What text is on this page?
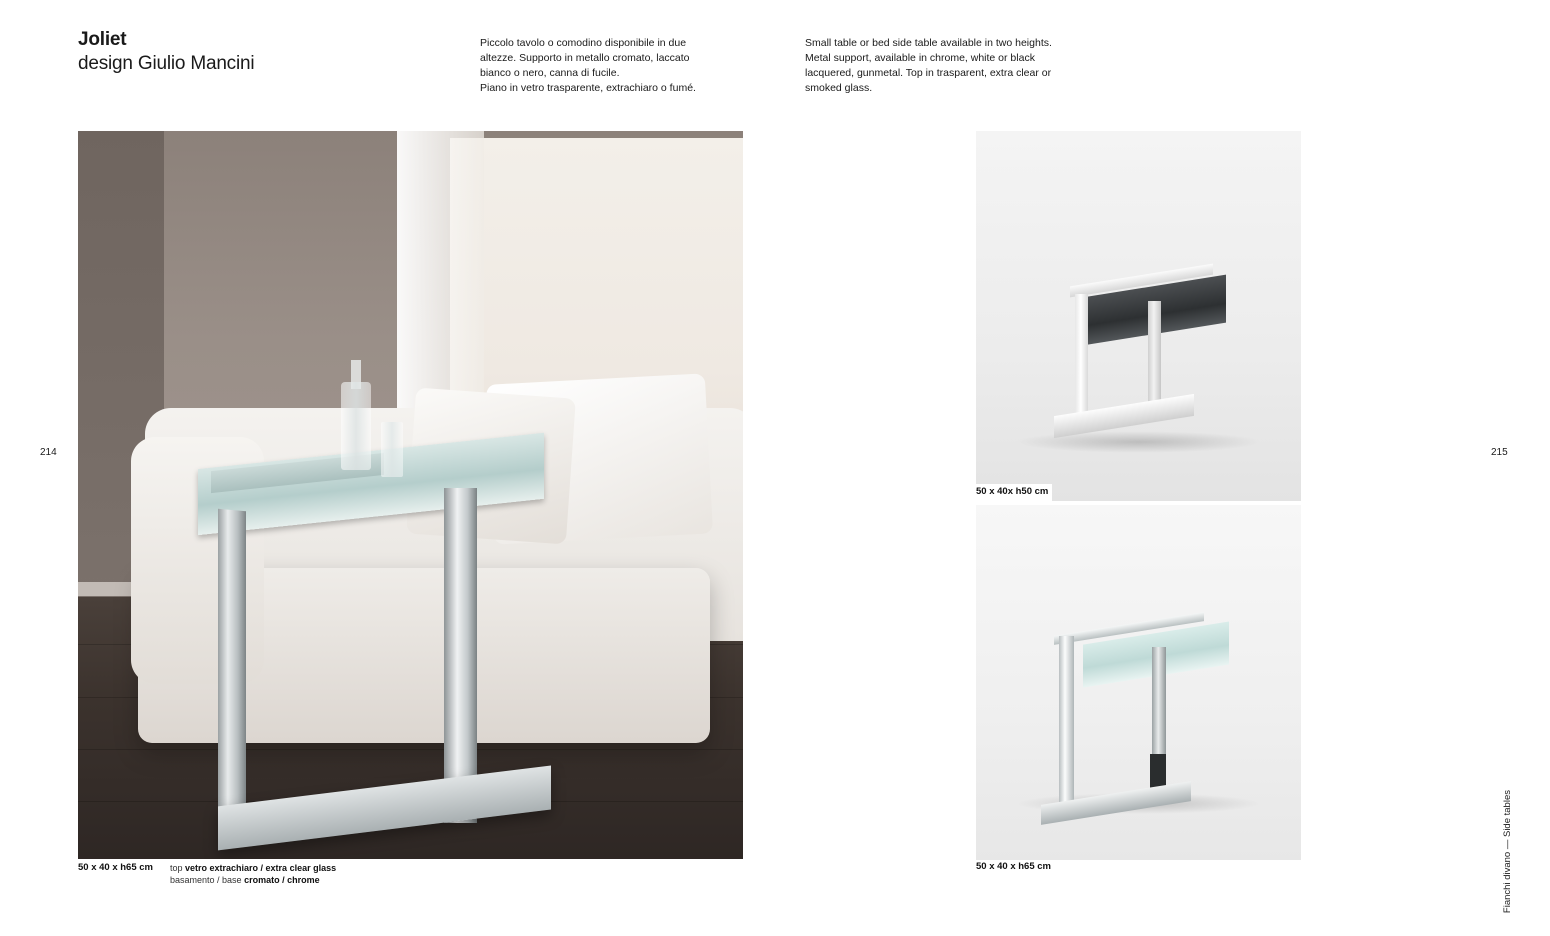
Joliet
design Giulio Mancini

Piccolo tavolo o comodino disponibile in due

altezze. Supporto in metallo cromato, laccato

bianco o nero, canna di fucile.

Piano in vetro trasparente, extrachiaro o fumé.

Small table or bed side table available in two heights.

Metal support, available in chrome, white or black

lacquered, gunmetal. Top in trasparent, extra clear or

smoked glass.

214	215
50 x 40 x h65 cm top vetro extrachiaro / extra clear glass
basamento / base cromato / chrome
50 x 40x h50 cm
50 x 40 x h65 cm	Fianchi divano — Side tables
